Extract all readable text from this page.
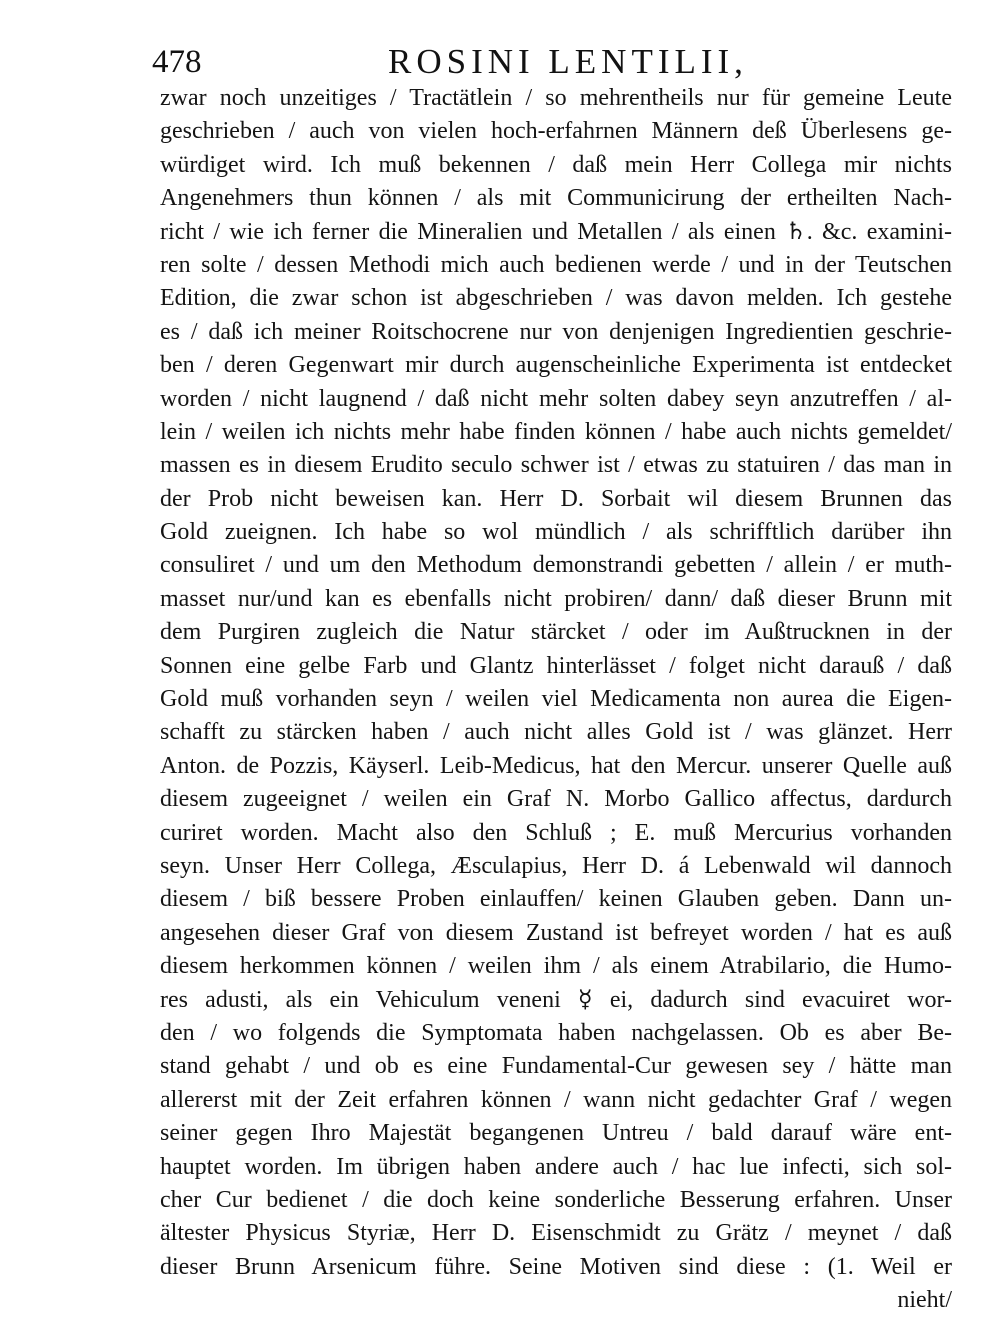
478	ROSINI LENTILII,
zwar noch unzeitiges / Tractätlein / so mehrentheils nur für gemeine Leute
geschrieben / auch von vielen hoch-erfahrnen Männern deß Überlesens ge-
würdiget wird. Ich muß bekennen / daß mein Herr Collega mir nichts
Angenehmers thun können / als mit Communicirung der ertheilten Nach-
richt / wie ich ferner die Mineralien und Metallen / als einen ♄. &c. examini-
ren solte / dessen Methodi mich auch bedienen werde / und in der Teutschen
Edition, die zwar schon ist abgeschrieben / was davon melden. Ich gestehe
es / daß ich meiner Roitschocrene nur von denjenigen Ingredientien geschrie-
ben / deren Gegenwart mir durch augenscheinliche Experimenta ist entdecket
worden / nicht laugnend / daß nicht mehr solten dabey seyn anzutreffen / al-
lein / weilen ich nichts mehr habe finden können / habe auch nichts gemeldet/
massen es in diesem Erudito seculo schwer ist / etwas zu statuiren / das man in
der Prob nicht beweisen kan. Herr D. Sorbait wil diesem Brunnen das
Gold zueignen. Ich habe so wol mündlich / als schrifftlich darüber ihn
consuliret / und um den Methodum demonstrandi gebetten / allein / er muth-
masset nur/und kan es ebenfalls nicht probiren/ dann/ daß dieser Brunn mit
dem Purgiren zugleich die Natur stärcket / oder im Außtrucknen in der
Sonnen eine gelbe Farb und Glantz hinterlässet / folget nicht darauß / daß
Gold muß vorhanden seyn / weilen viel Medicamenta non aurea die Eigen-
schafft zu stärcken haben / auch nicht alles Gold ist / was glänzet. Herr
Anton. de Pozzis, Käyserl. Leib-Medicus, hat den Mercur. unserer Quelle auß
diesem zugeeignet / weilen ein Graf N. Morbo Gallico affectus, dardurch
curiret worden. Macht also den Schluß ; E. muß Mercurius vorhanden
seyn. Unser Herr Collega, Æsculapius, Herr D. á Lebenwald wil dannoch
diesem / biß bessere Proben einlauffen/ keinen Glauben geben. Dann un-
angesehen dieser Graf von diesem Zustand ist befreyet worden / hat es auß
diesem herkommen können / weilen ihm / als einem Atrabilario, die Humo-
res adusti, als ein Vehiculum veneni ☿ ei, dadurch sind evacuiret wor-
den / wo folgends die Symptomata haben nachgelassen. Ob es aber Be-
stand gehabt / und ob es eine Fundamental-Cur gewesen sey / hätte man
allererst mit der Zeit erfahren können / wann nicht gedachter Graf / wegen
seiner gegen Ihro Majestät begangenen Untreu / bald darauf wäre ent-
hauptet worden. Im übrigen haben andere auch / hac lue infecti, sich sol-
cher Cur bedienet / die doch keine sonderliche Besserung erfahren. Unser
ältester Physicus Styriæ, Herr D. Eisenschmidt zu Grätz / meynet / daß
dieser Brunn Arsenicum führe. Seine Motiven sind diese : (1. Weil er
nieht/
